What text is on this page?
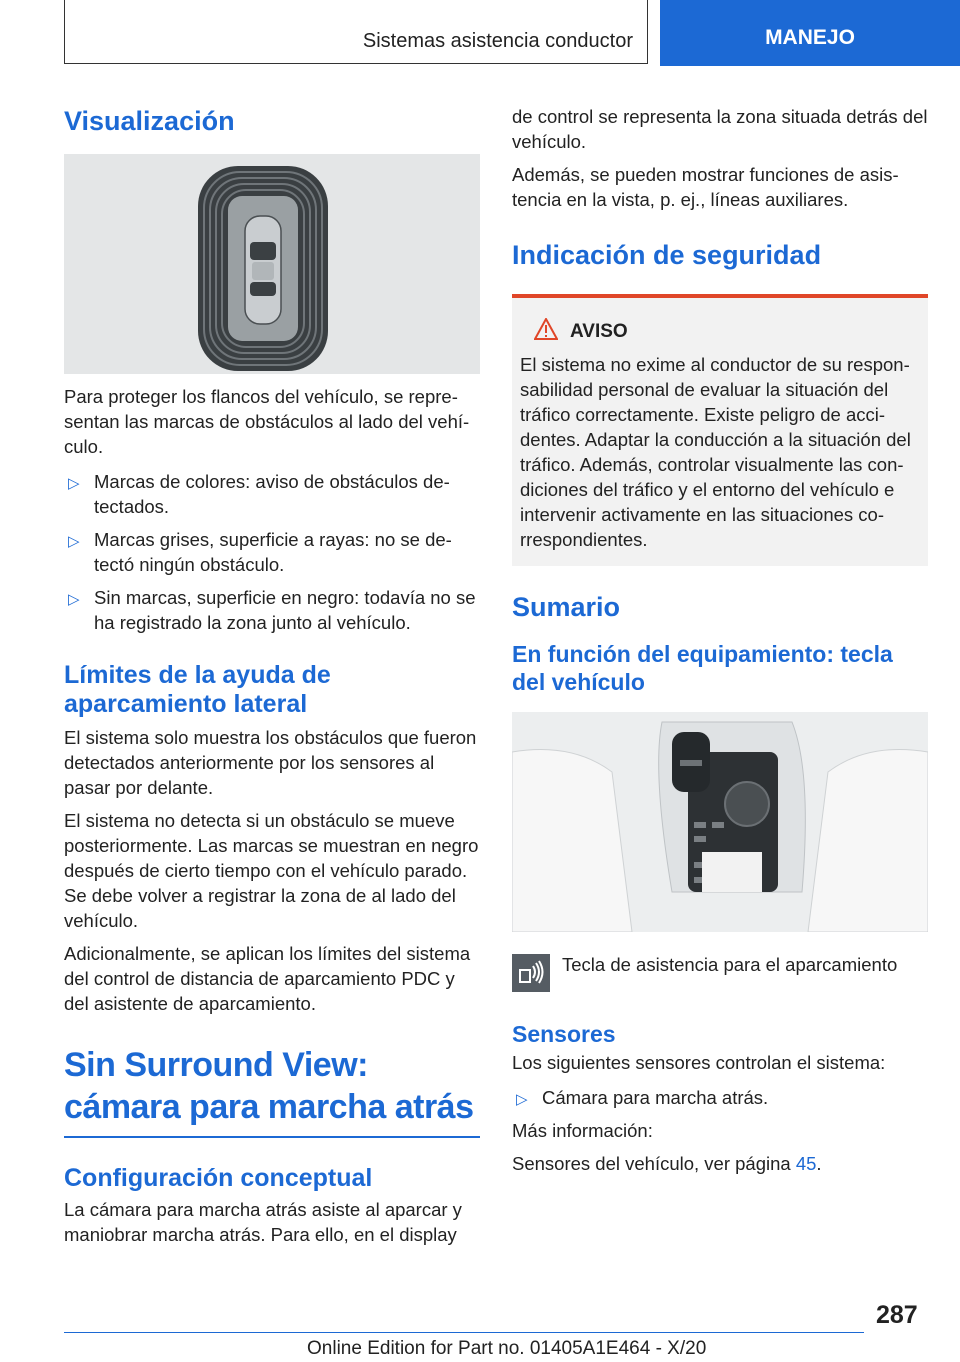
Sistemas asistencia conductor	MANEJO
Visualización

Para proteger los flancos del vehículo, se representan las marcas de obstáculos al lado del vehículo.

▷ Marcas de colores: aviso de obstáculos detectados.
▷ Marcas grises, superficie a rayas: no se detectó ningún obstáculo.
▷ Sin marcas, superficie en negro: todavía no se ha registrado la zona junto al vehículo.
Límites de la ayuda de aparcamiento lateral

El sistema solo muestra los obstáculos que fueron detectados anteriormente por los sensores al pasar por delante.

El sistema no detecta si un obstáculo se mueve posteriormente. Las marcas se muestran en negro después de cierto tiempo con el vehículo parado. Se debe volver a registrar la zona de al lado del vehículo.

Adicionalmente, se aplican los límites del sistema del control de distancia de aparcamiento PDC y del asistente de aparcamiento.

Sin Surround View: cámara para marcha atrás
Configuración conceptual

La cámara para marcha atrás asiste al aparcar y maniobrar marcha atrás. Para ello, en el display

de control se representa la zona situada detrás del vehículo.

Además, se pueden mostrar funciones de asistencia en la vista, p. ej., líneas auxiliares.

Indicación de seguridad
AVISO

El sistema no exime al conductor de su responsabilidad personal de evaluar la situación del tráfico correctamente. Existe peligro de accidentes. Adaptar la conducción a la situación del tráfico. Además, controlar visualmente las condiciones del tráfico y el entorno del vehículo e intervenir activamente en las situaciones correspondientes.

Sumario
En función del equipamiento: tecla del vehículo

Tecla de asistencia para el aparcamiento

Sensores

Los siguientes sensores controlan el sistema:

▷ Cámara para marcha atrás.

Más información:

Sensores del vehículo, ver página 45.

287
Online Edition for Part no. 01405A1E464 - X/20
